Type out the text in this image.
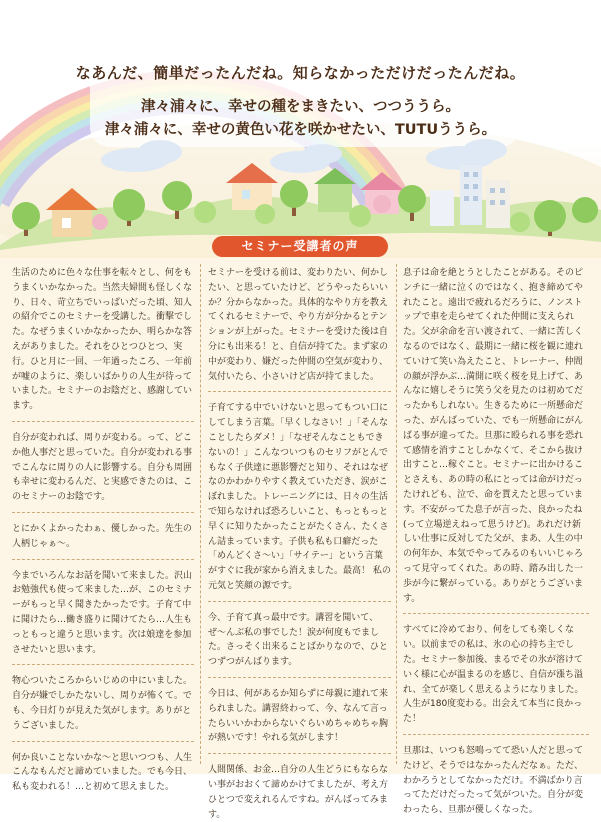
なあんだ、簡単だったんだね。知らなかっただけだったんだね。
津々浦々に、幸せの種をまきたい、つつううら。
津々浦々に、幸せの黄色い花を咲かせたい、TUTUううら。

生活のために色々な仕事を転々とし、何をもうまくいかなかった。当然夫婦間も怪しくなり、日々、苛立ちでいっぱいだった頃、知人の紹介でこのセミナーを受講した。衝撃でした。なぜうまくいかなかったか、明らかな答えがありました。それをひとつひとつ、実行。ひと月に一回、一年過ったころ、一年前が嘘のように、楽しいばかりの人生が待っていました。セミナーのお陰だと、感謝しています。

自分が変われば、周りが変わる。って、どこか他人事だと思っていた。自分が変われる事でこんなに周りの人に影響する。自分も周囲も幸せに変わるんだ、と実感できたのは、このセミナーのお陰です。

とにかくよかったわぁ、優しかった。先生の人柄じゃぁ〜。

今までいろんなお話を聞いて来ました。沢山お勉強代も使って来ました…が、このセミナーがもっと早く聞きたかったです。子育て中に聞けたら…働き盛りに聞けてたら…人生もっともっと違うと思います。次は娘達を参加させたいと思います。

物心ついたころからいじめの中にいました。自分が嫌でしかたないし、周りが怖くて。でも、今日灯りが見えた気がします。ありがとうございました。

何か良いことないかな〜と思いつつも、人生こんなもんだと諦めていました。でも今日、私も変われる！…と初めて思えました。

セミナーを受ける前は、変わりたい、何かしたい、と思っていたけど、どうやったらいいか？分からなかった。具体的なやり方を教えてくれるセミナーで、やり方が分かるとテンションが上がった。セミナーを受けた後は自分にも出来る！と、自信が持てた。まず家の中が変わり、嫌だった仲間の空気が変わり、気付いたら、小さいけど店が持てました。

子育てする中でいけないと思ってもつい口にしてしまう言葉。「早くしなさい！」「そんなことしたらダメ！」「なぜそんなこともできないの！」こんなついつものセリフがとんでもなく子供達に悪影響だと知り、それはなぜなのかわかりやすく教えていただき、涙がこぼれました。トレーニングには、日々の生活で知らなければ恐ろしいこと、もっともっと早くに知りたかったことがたくさん、たくさん詰まっています。子供も私も口癖だった「めんどくさ〜い」「サイテー」という言葉がすぐに我が家から消えました。最高！ 私の元気と笑顔の源です。

今、子育て真っ最中です。講習を聞いて、ぜ〜んぶ私の事でした！涙が何度もでました。さっそく出来ることばかりなので、ひとつずつがんばります。

今日は、何があるか知らずに母親に連れて来られました。講習終わって、今、なんて言ったらいいかわからないぐらいめちゃめちゃ胸が熱いです！やれる気がします！

人間関係、お金…自分の人生どうにもならない事がおおくて諦めかけてましたが、考え方ひとつで変えれるんですね。がんばってみます。

息子は命を絶とうとしたことがある。そのピンチに一緒に泣くのではなく、抱き締めてやれたこと。遠出で疲れるだろうに、ノンストップで車を走らせてくれた仲間に支えられた。父が余命を言い渡されて、一緒に苦しくなるのではなく、最期に一緒に桜を観に連れていけて笑い為えたこと、トレーナー、仲間の顔が浮かぶ…満開に咲く桜を見上げて、あんなに嬉しそうに笑う父を見たのは初めてだったかもしれない。生きるために一所懸命だった、がんばっていた、でも一所懸命にがんばる事が違ってた。旦那に殴られる事を恐れて感情を消すことしかなくて、そこから抜け出すこと…稼ぐこと。セミナーに出かけることさえも、あの時の私にとっては命がけだったけれども、泣で、命を貰えたと思っています。不安がってた息子が言った、良かったね(って立場逆えねって思うけど)。あれだけ新しい仕事に反対してた父が、まあ、人生の中の何年か、本気でやってみるのもいいじゃろって見守ってくれた。あの時、踏み出した一歩が今に繋がっている。ありがとうございます。

すべてに冷めており、何をしても楽しくない。以前までの私は、氷の心の持ち主でした。セミナー参加後、まるでその氷が溶けていく様に心が温まるのを感じ、自信が漲ち溢れ、全てが楽しく思えるようになりました。人生が180度変わる。出会えて本当に良かった！

旦那は、いつも怒鳴ってて恐い人だと思ってたけど、そうではなかったんだなぁ。ただ、わかろうとしてなかっただけ。不満ばかり言ってただけだったって気がついた。自分が変わったら、旦那が優しくなった。

セミナー受講者の声
